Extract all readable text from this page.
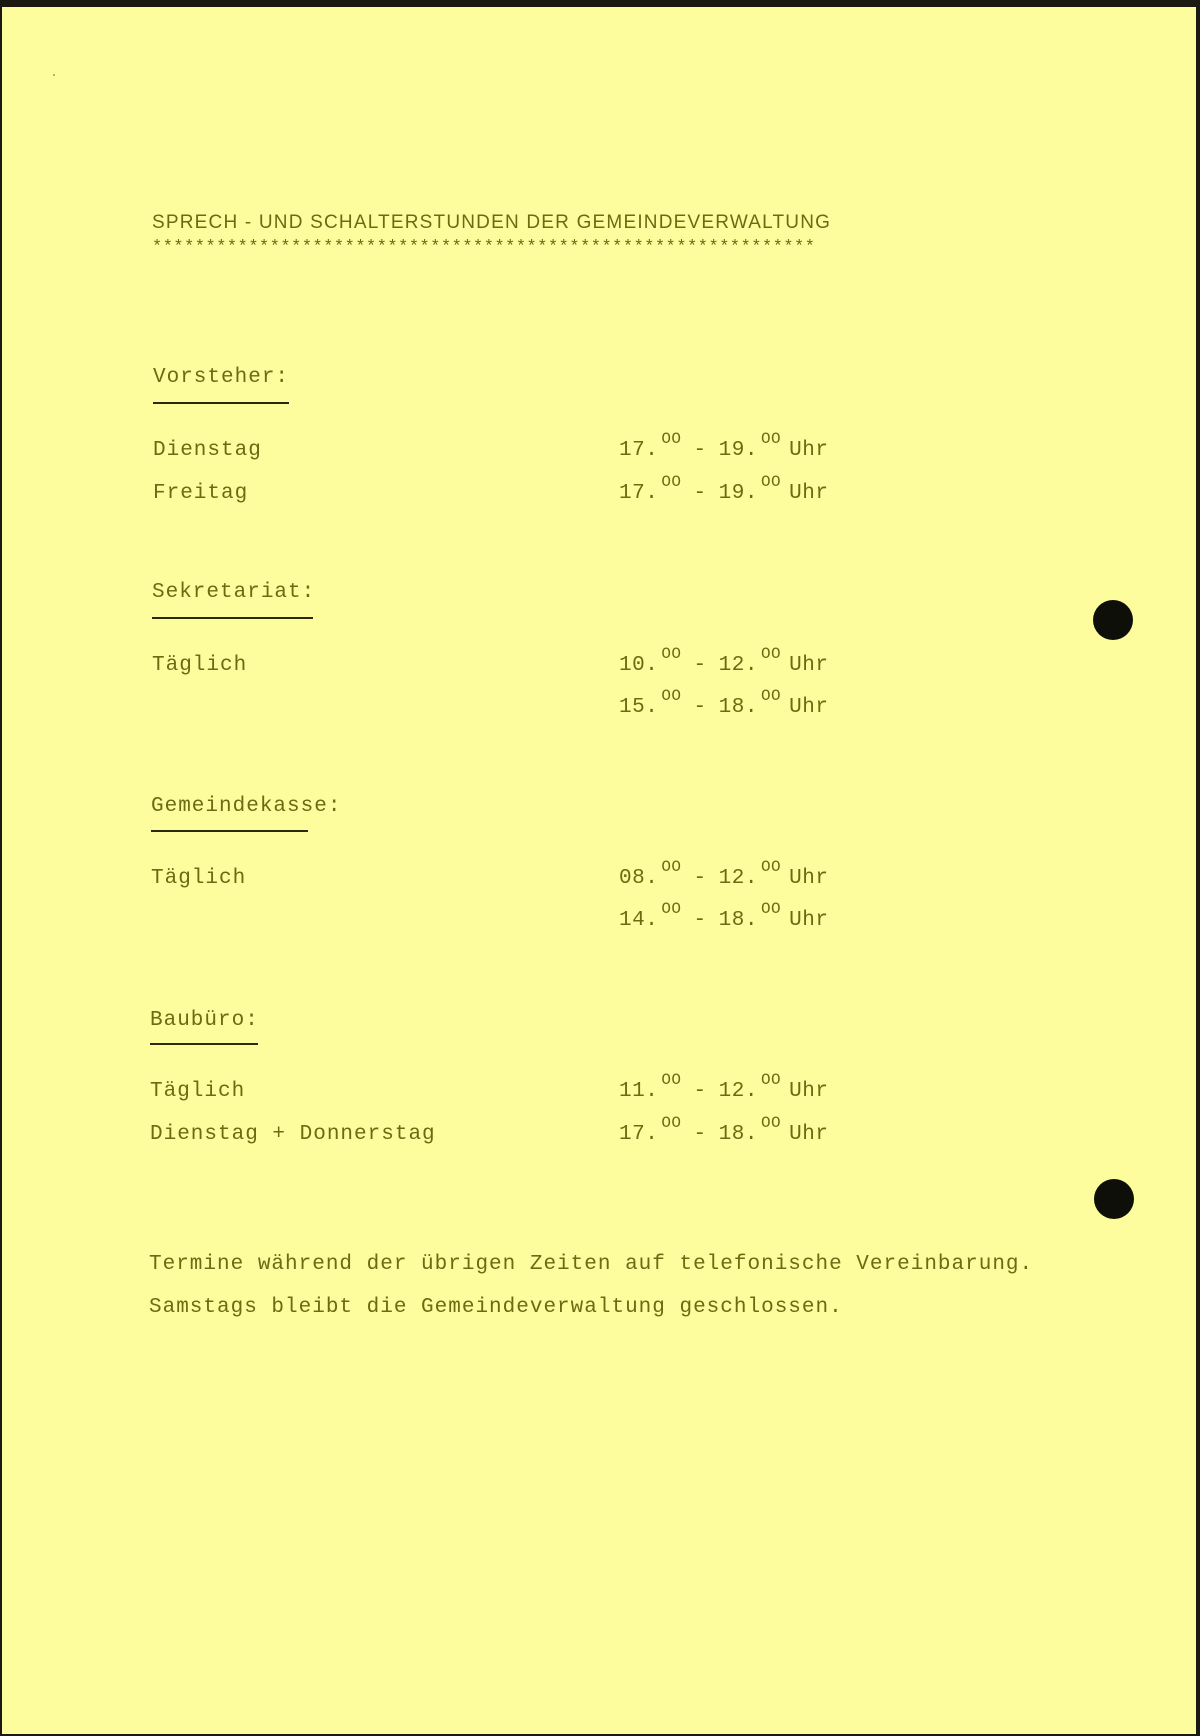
SPRECH - UND SCHALTERSTUNDEN DER GEMEINDEVERWALTUNG
**************************************************************
Vorsteher:
Dienstag	17. $^{OO}$ - 19. $^{OO}$ Uhr
Freitag	17. $^{OO}$ - 19. $^{OO}$ Uhr
Sekretariat:
Täglich	10. $^{OO}$ - 12. $^{OO}$ Uhr
15. $^{OO}$ - 18. $^{OO}$ Uhr
Gemeindekasse:
Täglich	08. $^{OO}$ - 12. $^{OO}$ Uhr
14. $^{OO}$ - 18. $^{OO}$ Uhr
Baubüro:
Täglich	11. $^{OO}$ - 12. $^{OO}$ Uhr
Dienstag + Donnerstag	17. $^{OO}$ - 18. $^{OO}$ Uhr
Termine während der übrigen Zeiten auf telefonische Vereinbarung.
Samstags bleibt die Gemeindeverwaltung geschlossen.
